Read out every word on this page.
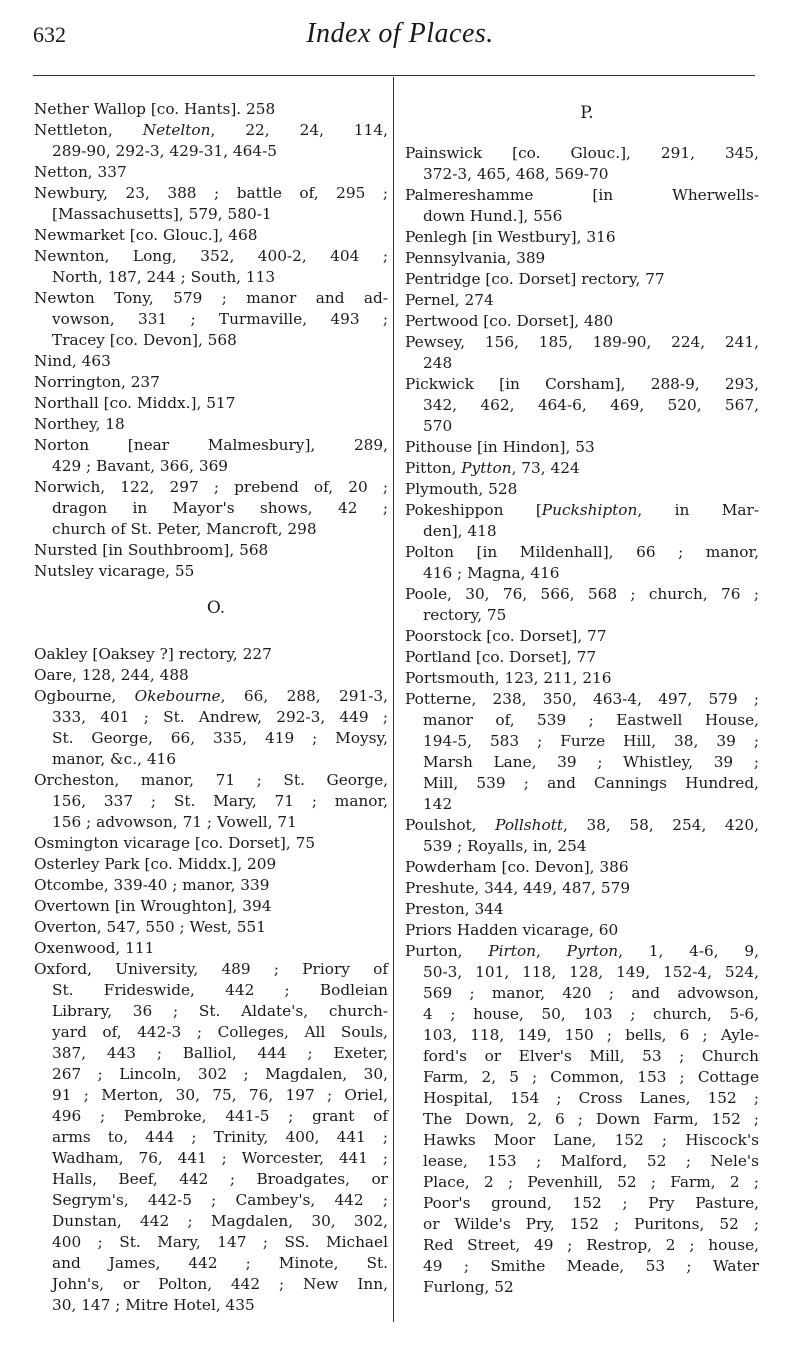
632	Index of Places.
Nether Wallop [co. Hants]. 258
Nettleton, Netelton, 22, 24, 114,
289-90, 292-3, 429-31, 464-5
Netton, 337
Newbury, 23, 388 ; battle of, 295 ;
[Massachusetts], 579, 580-1
Newmarket [co. Glouc.], 468
Newnton, Long, 352, 400-2, 404 ;
North, 187, 244 ; South, 113
Newton Tony, 579 ; manor and ad-
vowson, 331 ; Turmaville, 493 ;
Tracey [co. Devon], 568
Nind, 463
Norrington, 237
Northall [co. Middx.], 517
Northey, 18
Norton [near Malmesbury], 289,
429 ; Bavant, 366, 369
Norwich, 122, 297 ; prebend of, 20 ;
dragon in Mayor's shows, 42 ;
church of St. Peter, Mancroft, 298
Nursted [in Southbroom], 568
Nutsley vicarage, 55
O.
Oakley [Oaksey ?] rectory, 227
Oare, 128, 244, 488
Ogbourne, Okebourne, 66, 288, 291-3,
333, 401 ; St. Andrew, 292-3, 449 ;
St. George, 66, 335, 419 ; Moysy,
manor, &c., 416
Orcheston, manor, 71 ; St. George,
156, 337 ; St. Mary, 71 ; manor,
156 ; advowson, 71 ; Vowell, 71
Osmington vicarage [co. Dorset], 75
Osterley Park [co. Middx.], 209
Otcombe, 339-40 ; manor, 339
Overtown [in Wroughton], 394
Overton, 547, 550 ; West, 551
Oxenwood, 111
Oxford, University, 489 ; Priory of
St. Frideswide, 442 ; Bodleian
Library, 36 ; St. Aldate's, church-
yard of, 442-3 ; Colleges, All Souls,
387, 443 ; Balliol, 444 ; Exeter,
267 ; Lincoln, 302 ; Magdalen, 30,
91 ; Merton, 30, 75, 76, 197 ; Oriel,
496 ; Pembroke, 441-5 ; grant of
arms to, 444 ; Trinity, 400, 441 ;
Wadham, 76, 441 ; Worcester, 441 ;
Halls, Beef, 442 ; Broadgates, or
Segrym's, 442-5 ; Cambey's, 442 ;
Dunstan, 442 ; Magdalen, 30, 302,
400 ; St. Mary, 147 ; SS. Michael
and James, 442 ; Minote, St.
John's, or Polton, 442 ; New Inn,
30, 147 ; Mitre Hotel, 435
P.
Painswick [co. Glouc.], 291, 345,
372-3, 465, 468, 569-70
Palmereshamme [in Wherwells-
down Hund.], 556
Penlegh [in Westbury], 316
Pennsylvania, 389
Pentridge [co. Dorset] rectory, 77
Pernel, 274
Pertwood [co. Dorset], 480
Pewsey, 156, 185, 189-90, 224, 241,
248
Pickwick [in Corsham], 288-9, 293,
342, 462, 464-6, 469, 520, 567,
570
Pithouse [in Hindon], 53
Pitton, Pytton, 73, 424
Plymouth, 528
Pokeshippon [Puckshipton, in Mar-
den], 418
Polton [in Mildenhall], 66 ; manor,
416 ; Magna, 416
Poole, 30, 76, 566, 568 ; church, 76 ;
rectory, 75
Poorstock [co. Dorset], 77
Portland [co. Dorset], 77
Portsmouth, 123, 211, 216
Potterne, 238, 350, 463-4, 497, 579 ;
manor of, 539 ; Eastwell House,
194-5, 583 ; Furze Hill, 38, 39 ;
Marsh Lane, 39 ; Whistley, 39 ;
Mill, 539 ; and Cannings Hundred,
142
Poulshot, Pollshott, 38, 58, 254, 420,
539 ; Royalls, in, 254
Powderham [co. Devon], 386
Preshute, 344, 449, 487, 579
Preston, 344
Priors Hadden vicarage, 60
Purton, Pirton, Pyrton, 1, 4-6, 9,
50-3, 101, 118, 128, 149, 152-4, 524,
569 ; manor, 420 ; and advowson,
4 ; house, 50, 103 ; church, 5-6,
103, 118, 149, 150 ; bells, 6 ; Ayle-
ford's or Elver's Mill, 53 ; Church
Farm, 2, 5 ; Common, 153 ; Cottage
Hospital, 154 ; Cross Lanes, 152 ;
The Down, 2, 6 ; Down Farm, 152 ;
Hawks Moor Lane, 152 ; Hiscock's
lease, 153 ; Malford, 52 ; Nele's
Place, 2 ; Pevenhill, 52 ; Farm, 2 ;
Poor's ground, 152 ; Pry Pasture,
or Wilde's Pry, 152 ; Puritons, 52 ;
Red Street, 49 ; Restrop, 2 ; house,
49 ; Smithe Meade, 53 ; Water
Furlong, 52
